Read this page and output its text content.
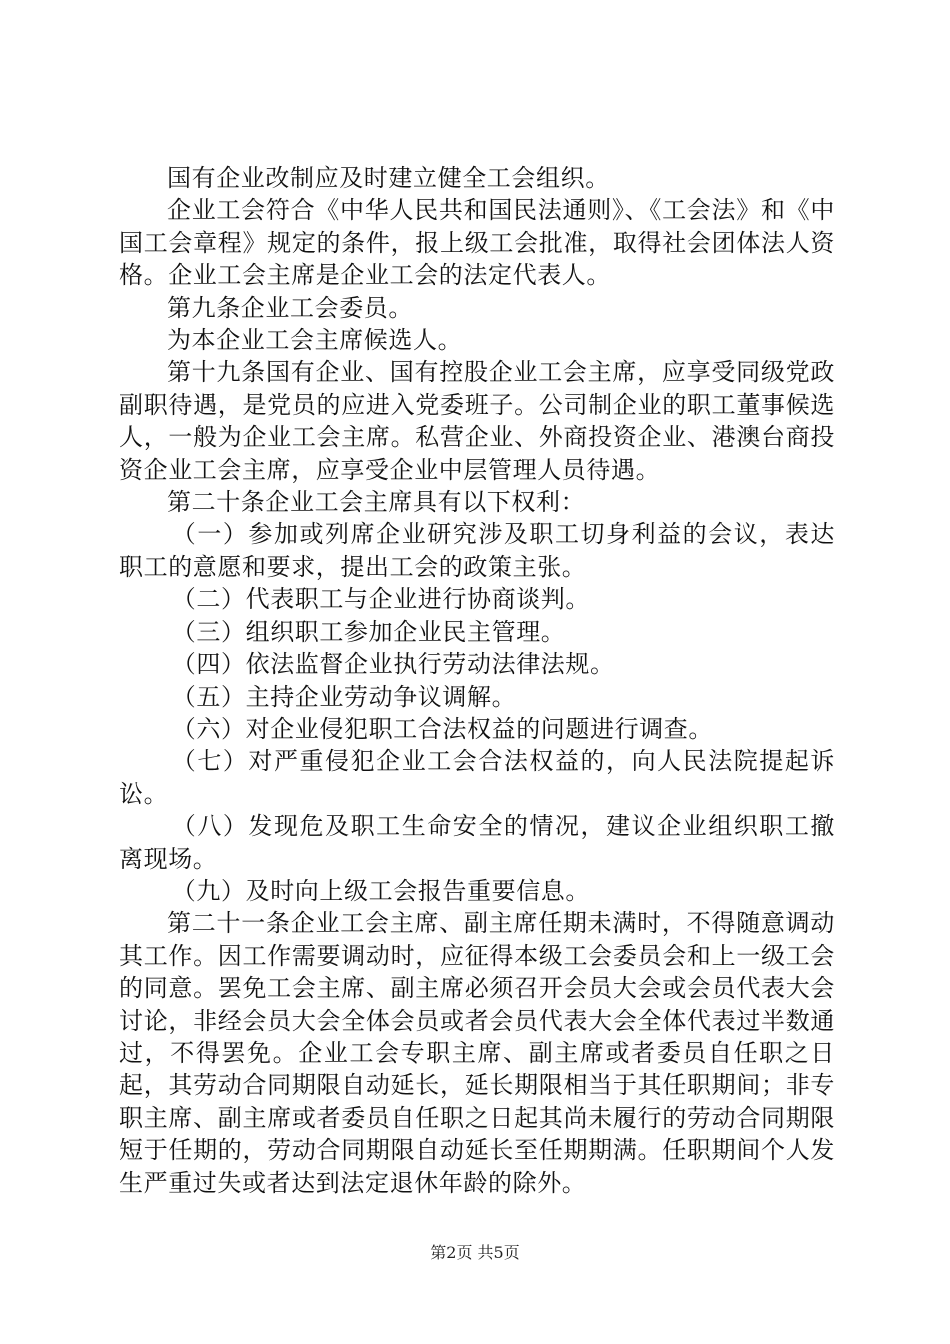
国有企业改制应及时建立健全工会组织。

企业工会符合《中华人民共和国民法通则》、《工会法》和《中国工会章程》规定的条件，报上级工会批准，取得社会团体法人资格。企业工会主席是企业工会的法定代表人。

第九条企业工会委员。

为本企业工会主席候选人。

第十九条国有企业、国有控股企业工会主席，应享受同级党政副职待遇，是党员的应进入党委班子。公司制企业的职工董事候选人，一般为企业工会主席。私营企业、外商投资企业、港澳台商投资企业工会主席，应享受企业中层管理人员待遇。

第二十条企业工会主席具有以下权利：

（一）参加或列席企业研究涉及职工切身利益的会议，表达职工的意愿和要求，提出工会的政策主张。

（二）代表职工与企业进行协商谈判。

（三）组织职工参加企业民主管理。

（四）依法监督企业执行劳动法律法规。

（五）主持企业劳动争议调解。

（六）对企业侵犯职工合法权益的问题进行调查。

（七）对严重侵犯企业工会合法权益的，向人民法院提起诉讼。

（八）发现危及职工生命安全的情况，建议企业组织职工撤离现场。

（九）及时向上级工会报告重要信息。

第二十一条企业工会主席、副主席任期未满时，不得随意调动其工作。因工作需要调动时，应征得本级工会委员会和上一级工会的同意。罢免工会主席、副主席必须召开会员大会或会员代表大会讨论，非经会员大会全体会员或者会员代表大会全体代表过半数通过，不得罢免。企业工会专职主席、副主席或者委员自任职之日起，其劳动合同期限自动延长，延长期限相当于其任职期间；非专职主席、副主席或者委员自任职之日起其尚未履行的劳动合同期限短于任期的，劳动合同期限自动延长至任期期满。任职期间个人发生严重过失或者达到法定退休年龄的除外。

第2页 共5页
